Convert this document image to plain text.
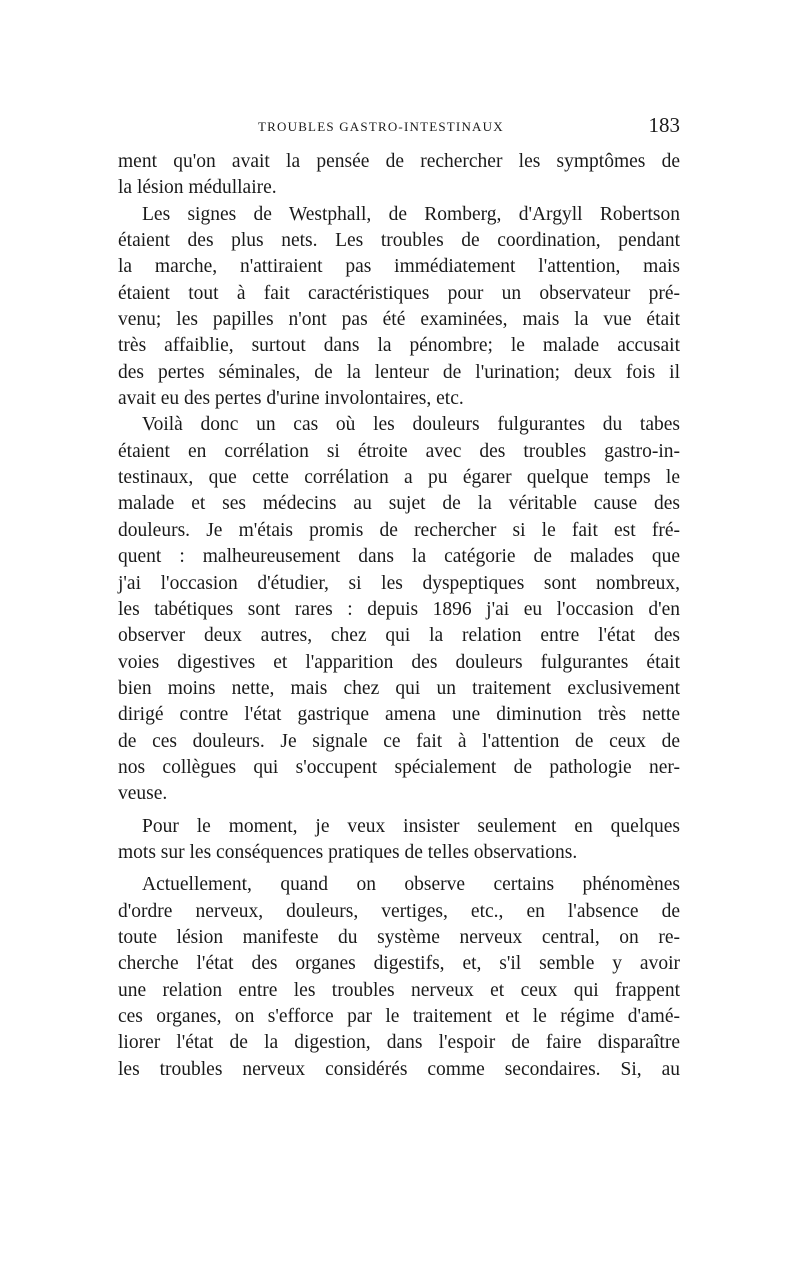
TROUBLES GASTRO-INTESTINAUX	183
ment qu'on avait la pensée de rechercher les symptômes de
la lésion médullaire.
Les signes de Westphall, de Romberg, d'Argyll Robertson
étaient des plus nets. Les troubles de coordination, pendant
la marche, n'attiraient pas immédiatement l'attention, mais
étaient tout à fait caractéristiques pour un observateur pré-
venu; les papilles n'ont pas été examinées, mais la vue était
très affaiblie, surtout dans la pénombre; le malade accusait
des pertes séminales, de la lenteur de l'urination; deux fois il
avait eu des pertes d'urine involontaires, etc.
Voilà donc un cas où les douleurs fulgurantes du tabes
étaient en corrélation si étroite avec des troubles gastro-in-
testinaux, que cette corrélation a pu égarer quelque temps le
malade et ses médecins au sujet de la véritable cause des
douleurs. Je m'étais promis de rechercher si le fait est fré-
quent : malheureusement dans la catégorie de malades que
j'ai l'occasion d'étudier, si les dyspeptiques sont nombreux,
les tabétiques sont rares : depuis 1896 j'ai eu l'occasion d'en
observer deux autres, chez qui la relation entre l'état des
voies digestives et l'apparition des douleurs fulgurantes était
bien moins nette, mais chez qui un traitement exclusivement
dirigé contre l'état gastrique amena une diminution très nette
de ces douleurs. Je signale ce fait à l'attention de ceux de
nos collègues qui s'occupent spécialement de pathologie ner-
veuse.
Pour le moment, je veux insister seulement en quelques
mots sur les conséquences pratiques de telles observations.
Actuellement, quand on observe certains phénomènes
d'ordre nerveux, douleurs, vertiges, etc., en l'absence de
toute lésion manifeste du système nerveux central, on re-
cherche l'état des organes digestifs, et, s'il semble y avoir
une relation entre les troubles nerveux et ceux qui frappent
ces organes, on s'efforce par le traitement et le régime d'amé-
liorer l'état de la digestion, dans l'espoir de faire disparaître
les troubles nerveux considérés comme secondaires. Si, au
